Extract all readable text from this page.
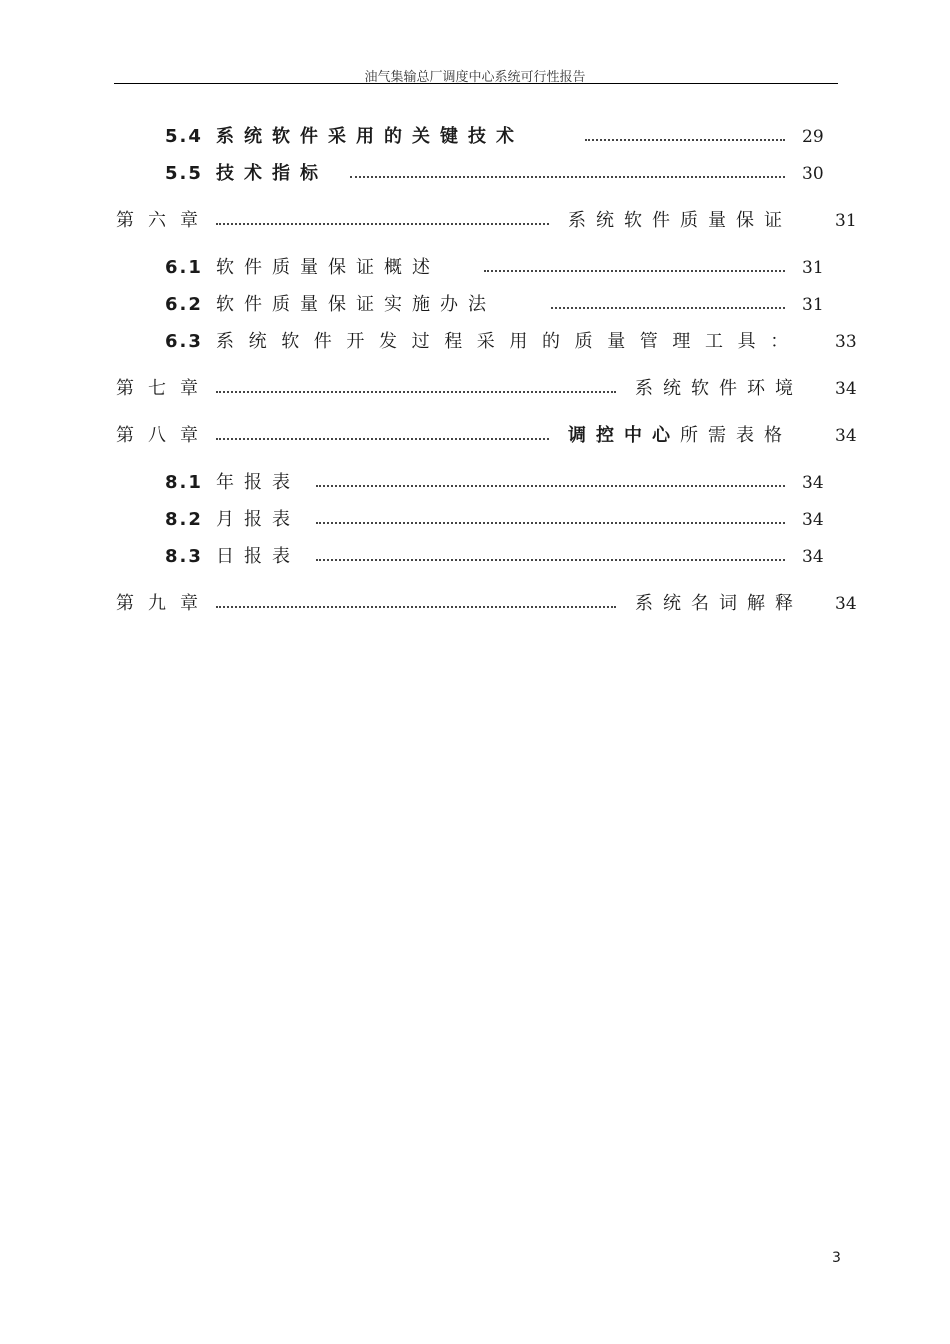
油气集输总厂调度中心系统可行性报告
5.4 系统软件采用的关键技术	29
5.5 技术指标	30
第六章	系统软件质量保证	31
6.1 软件质量保证概述	31
6.2 软件质量保证实施办法	31
6.3 系统软件开发过程采用的质量管理工具： 33
第七章	系统软件环境 34
第八章	调控中心所需表格	34
8.1 年报表	34
8.2 月报表	34
8.3 日报表	34
第九章	系统名词解释 34
3
